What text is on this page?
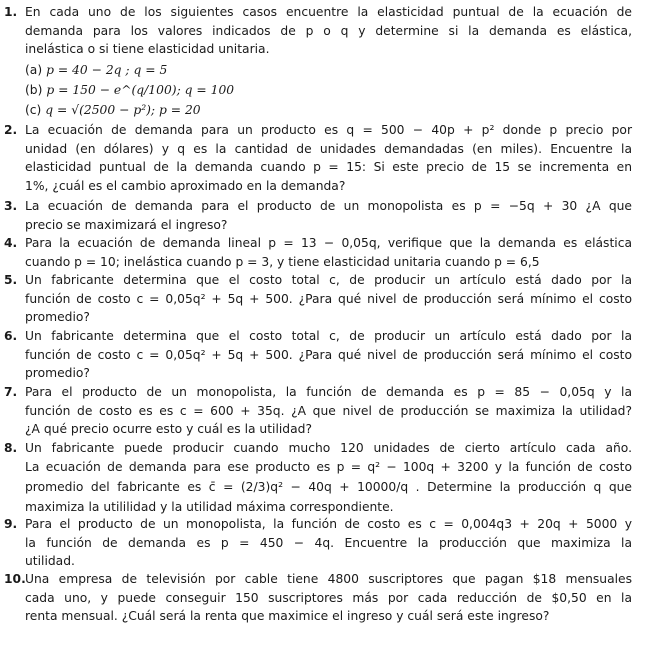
1. En cada uno de los siguientes casos encuentre la elasticidad puntual de la ecuación de
demanda para los valores indicados de p o q y determine si la demanda es elástica,
inelástica o si tiene elasticidad unitaria.
(a) p = 40 − 2q ; q = 5
(b) p = 150 − e^(q/100); q = 100
(c) q = √(2500 − p²); p = 20
2. La ecuación de demanda para un producto es q = 500 − 40p + p² donde p precio por
unidad (en dólares) y q es la cantidad de unidades demandadas (en miles). Encuentre la
elasticidad puntual de la demanda cuando p = 15: Si este precio de 15 se incrementa en
1%, ¿cuál es el cambio aproximado en la demanda?
3. La ecuación de demanda para el producto de un monopolista es p = −5q + 30 ¿A que
precio se maximizará el ingreso?
4. Para la ecuación de demanda lineal p = 13 − 0,05q, verifique que la demanda es elástica
cuando p = 10; inelástica cuando p = 3, y tiene elasticidad unitaria cuando p = 6,5
5. Un fabricante determina que el costo total c, de producir un artículo está dado por la
función de costo c = 0,05q² + 5q + 500. ¿Para qué nivel de producción será mínimo el costo
promedio?
6. Un fabricante determina que el costo total c, de producir un artículo está dado por la
función de costo c = 0,05q² + 5q + 500. ¿Para qué nivel de producción será mínimo el costo
promedio?
7. Para el producto de un monopolista, la función de demanda es p = 85 − 0,05q y la
función de costo es es c = 600 + 35q. ¿A que nivel de producción se maximiza la utilidad?
¿A qué precio ocurre esto y cuál es la utilidad?
8. Un fabricante puede producir cuando mucho 120 unidades de cierto artículo cada año.
La ecuación de demanda para ese producto es p = q² − 100q + 3200 y la función de costo
promedio del fabricante es c̄ = (2/3)q² − 40q + 10000/q . Determine la producción q que
maximiza la utililidad y la utilidad máxima correspondiente.
9. Para el producto de un monopolista, la función de costo es c = 0,004q3 + 20q + 5000 y
la función de demanda es p = 450 − 4q. Encuentre la producción que maximiza la
utilidad.
10. Una empresa de televisión por cable tiene 4800 suscriptores que pagan $18 mensuales
cada uno, y puede conseguir 150 suscriptores más por cada reducción de $0,50 en la
renta mensual. ¿Cuál será la renta que maximice el ingreso y cuál será este ingreso?
